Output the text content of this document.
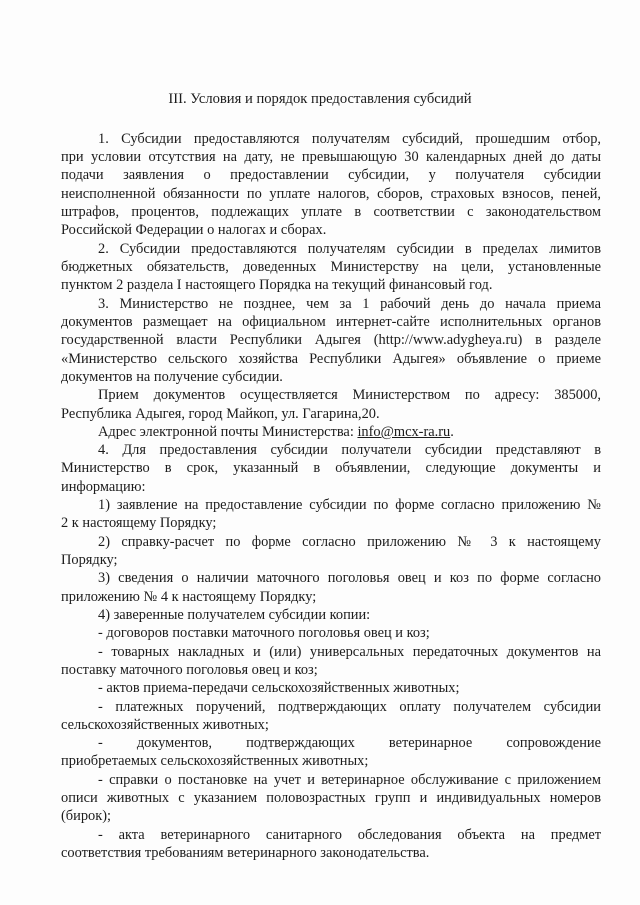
III. Условия и порядок предоставления субсидий
1. Субсидии предоставляются получателям субсидий, прошедшим отбор,
при условии отсутствия на дату, не превышающую 30 календарных дней до даты
подачи заявления о предоставлении субсидии, у получателя субсидии
неисполненной обязанности по уплате налогов, сборов, страховых взносов, пеней,
штрафов, процентов, подлежащих уплате в соответствии с законодательством
Российской Федерации о налогах и сборах.
2. Субсидии предоставляются получателям субсидии в пределах лимитов
бюджетных обязательств, доведенных Министерству на цели, установленные
пунктом 2 раздела I настоящего Порядка на текущий финансовый год.
3. Министерство не позднее, чем за 1 рабочий день до начала приема
документов размещает на официальном интернет-сайте исполнительных органов
государственной власти Республики Адыгея (http://www.adygheya.ru) в разделе
«Министерство сельского хозяйства Республики Адыгея» объявление о приеме
документов на получение субсидии.
Прием документов осуществляется Министерством по адресу: 385000,
Республика Адыгея, город Майкоп, ул. Гагарина,20.
Адрес электронной почты Министерства: info@mcx-ra.ru.
4. Для предоставления субсидии получатели субсидии представляют в
Министерство в срок, указанный в объявлении, следующие документы и
информацию:
1) заявление на предоставление субсидии по форме согласно приложению №
2 к настоящему Порядку;
2) справку-расчет по форме согласно приложению № 3 к настоящему
Порядку;
3) сведения о наличии маточного поголовья овец и коз по форме согласно
приложению № 4 к настоящему Порядку;
4) заверенные получателем субсидии копии:
- договоров поставки маточного поголовья овец и коз;
- товарных накладных и (или) универсальных передаточных документов на
поставку маточного поголовья овец и коз;
- актов приема-передачи сельскохозяйственных животных;
- платежных поручений, подтверждающих оплату получателем субсидии
сельскохозяйственных животных;
- документов, подтверждающих ветеринарное сопровождение
приобретаемых сельскохозяйственных животных;
- справки о постановке на учет и ветеринарное обслуживание с приложением
описи животных с указанием половозрастных групп и индивидуальных номеров
(бирок);
- акта ветеринарного санитарного обследования объекта на предмет
соответствия требованиям ветеринарного законодательства.
